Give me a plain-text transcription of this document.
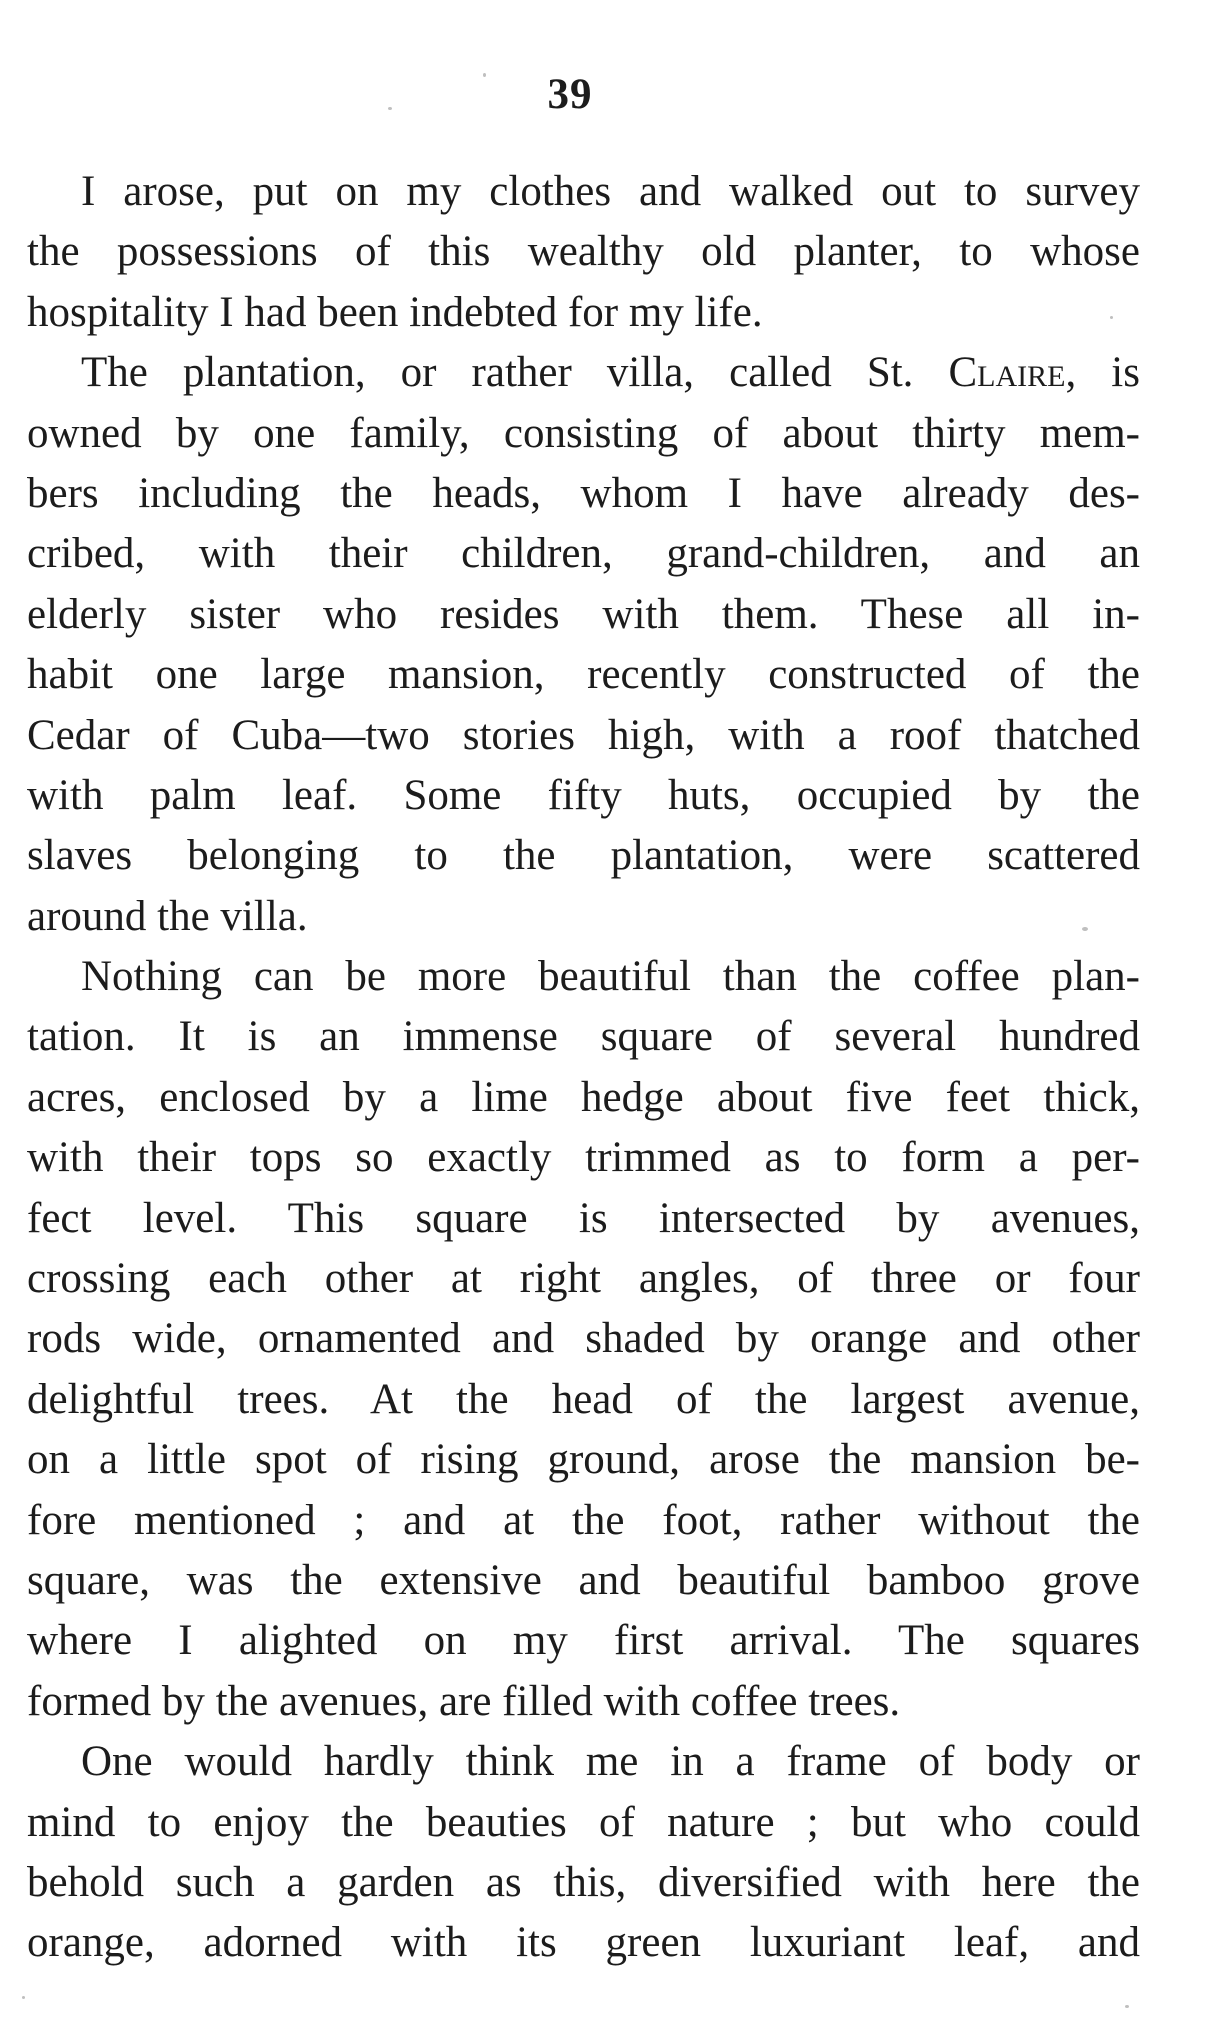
39
I arose, put on my clothes and walked out to survey
the possessions of this wealthy old planter, to whose
hospitality I had been indebted for my life.
The plantation, or rather villa, called St. Claire, is
owned by one family, consisting of about thirty mem-
bers including the heads, whom I have already des-
cribed, with their children, grand-children, and an
elderly sister who resides with them. These all in-
habit one large mansion, recently constructed of the
Cedar of Cuba—two stories high, with a roof thatched
with palm leaf. Some fifty huts, occupied by the
slaves belonging to the plantation, were scattered
around the villa.
Nothing can be more beautiful than the coffee plan-
tation. It is an immense square of several hundred
acres, enclosed by a lime hedge about five feet thick,
with their tops so exactly trimmed as to form a per-
fect level. This square is intersected by avenues,
crossing each other at right angles, of three or four
rods wide, ornamented and shaded by orange and other
delightful trees. At the head of the largest avenue,
on a little spot of rising ground, arose the mansion be-
fore mentioned ; and at the foot, rather without the
square, was the extensive and beautiful bamboo grove
where I alighted on my first arrival. The squares
formed by the avenues, are filled with coffee trees.
One would hardly think me in a frame of body or
mind to enjoy the beauties of nature ; but who could
behold such a garden as this, diversified with here the
orange, adorned with its green luxuriant leaf, and
